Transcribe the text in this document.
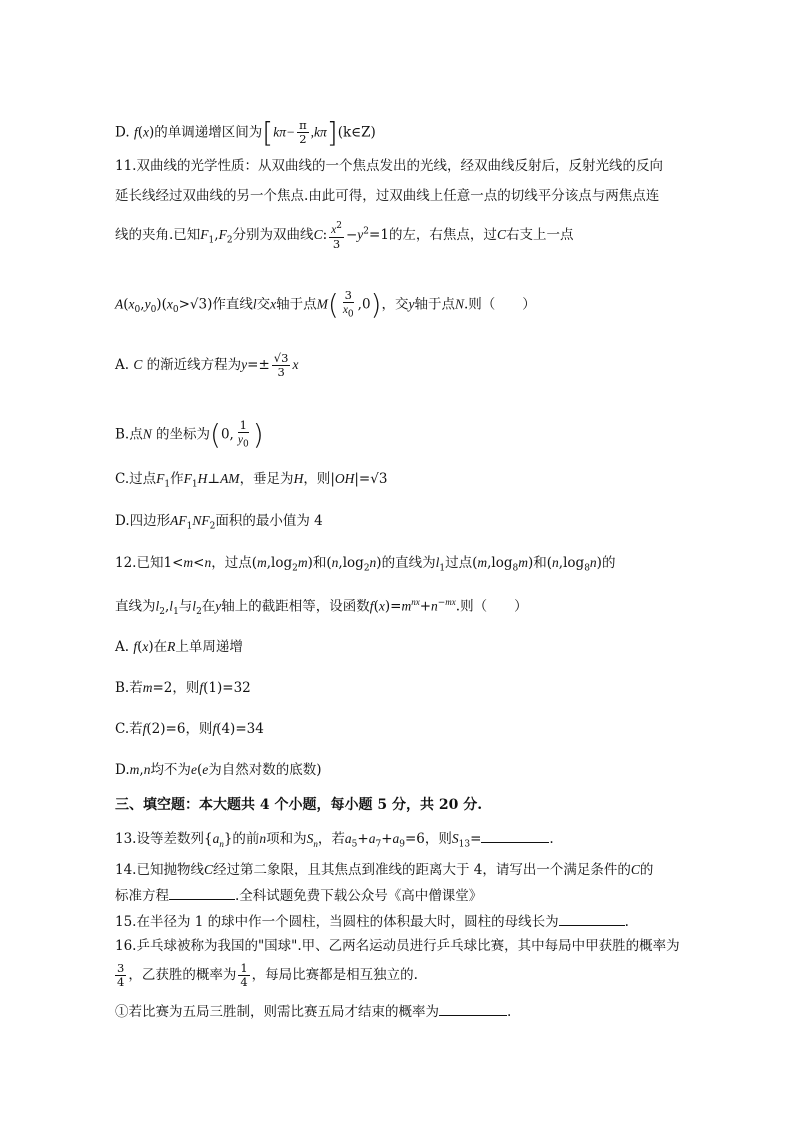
D. f(x)的单调递增区间为[$k\pi- \frac{\pi}{2}$ ,kπ](k∈Z)
11.双曲线的光学性质：从双曲线的一个焦点发出的光线，经双曲线反射后，反射光线的反向
延长线经过双曲线的另一个焦点.由此可得，过双曲线上任意一点的切线平分该点与两焦点连
线的夹角.已知$F_1,F_2$分别为双曲线C: $\frac{x^2}{3} -y^2=1$的左，右焦点，过C右支上一点
$A(x_0,y_0)(x_0>√3)$作直线l交x轴于点$M( \frac{3}{x_0} ,0)$，交y轴于点N.则（　　）
A. C 的渐近线方程为$y=\pm \frac{√3}{3}$ x
B.点N 的坐标为(0, $\frac{1}{y_0}$ )
C.过点$F_1$作$F_1H\perp AM$，垂足为H，则|OH|=√3
D.四边形$AF_1NF_2$面积的最小值为 4
12.已知1<m<n，过点$(m,\log_2m)$和$(n,\log_2n)$的直线为$l_1$过点$(m,\log_8m)$和$(n,\log_8n)$的
直线为$l_2,l_1$与$l_2$在y轴上的截距相等，设函数$f(x)=m^{nx}+n^{-mx}$.则（　　）
A. f(x)在R上单周递增
B.若m=2，则f(1)=32
C.若f(2)=6，则f(4)=34
D.m,n均不为e(e为自然对数的底数)
三、填空题：本大题共 4 个小题，每小题 5 分，共 20 分.
13.设等差数列$\{a_n\}$的前n项和为$S_n$，若$a_5+a_7+a_9=6$，则$S_{13}=$	.
14.已知抛物线C经过第二象限，且其焦点到准线的距离大于 4，请写出一个满足条件的C的
标准方程	.全科试题免费下载公众号《高中僧课堂》
15.在半径为 1 的球中作一个圆柱，当圆柱的体积最大时，圆柱的母线长为	.
16.乒乓球被称为我国的"国球".甲、乙两名运动员进行乒乓球比赛，其中每局中甲获胜的概率为
$\frac{3}{4}$ ，乙获胜的概率为 $\frac{1}{4}$ ，每局比赛都是相互独立的.
①若比赛为五局三胜制，则需比赛五局才结束的概率为	.
